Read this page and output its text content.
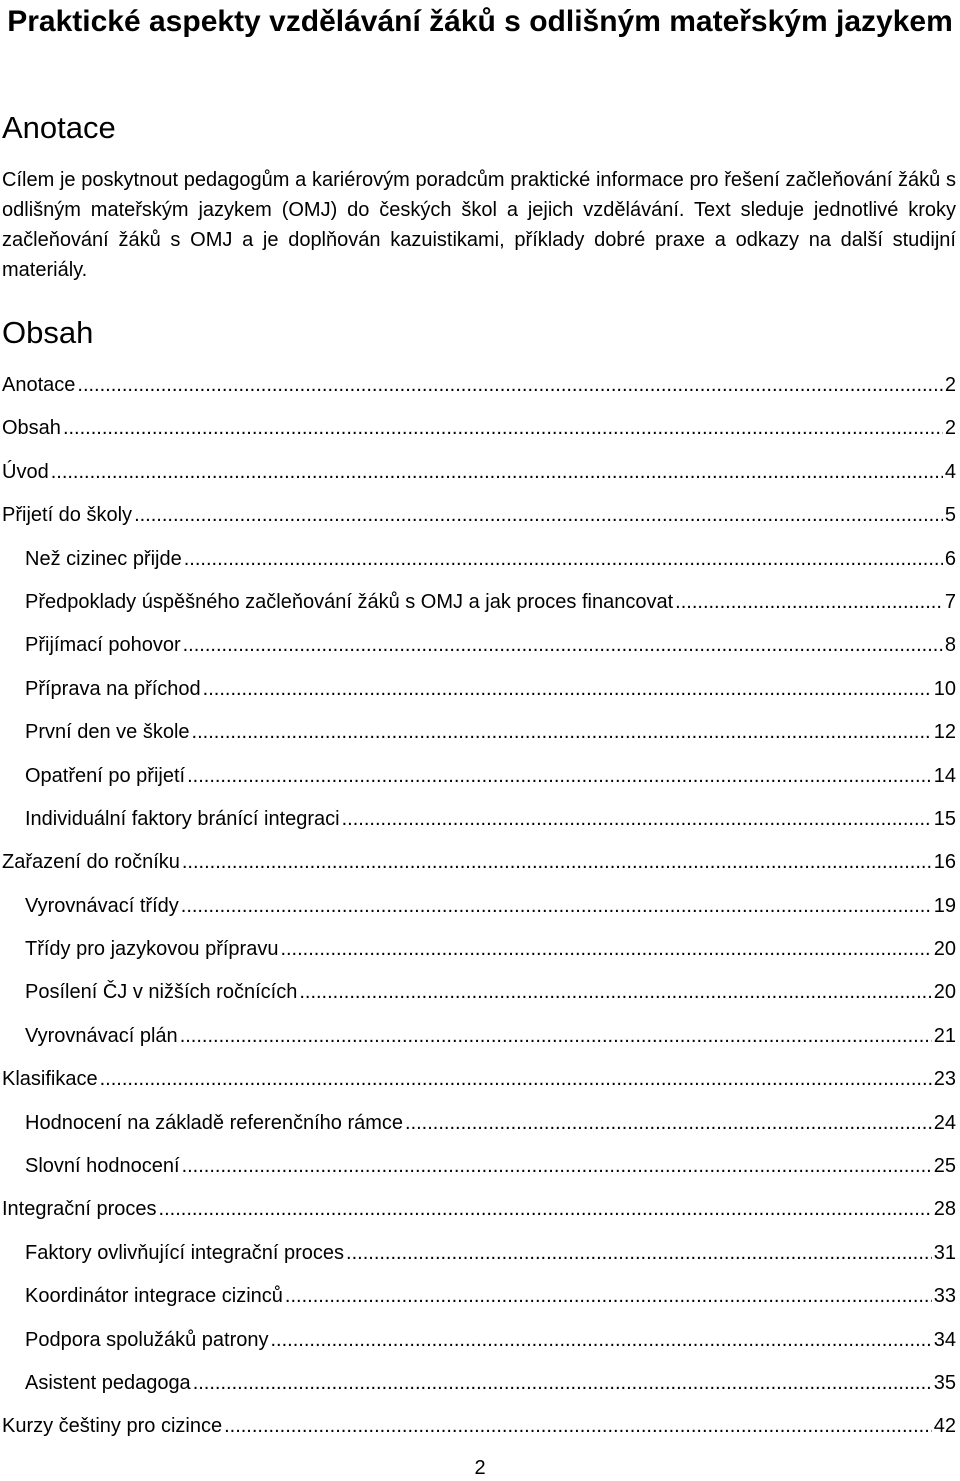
Praktické aspekty vzdělávání žáků s odlišným mateřským jazykem
Anotace

Cílem je poskytnout pedagogům a kariérovým poradcům praktické informace pro řešení začleňování žáků s odlišným mateřským jazykem (OMJ) do českých škol a jejich vzdělávání. Text sleduje jednotlivé kroky začleňování žáků s OMJ a je doplňován kazuistikami, příklady dobré praxe a odkazy na další studijní materiály.

Obsah
Anotace .....	2
Obsah .....	2
Úvod .....	4
Přijetí do školy .....	5
Než cizinec přijde .....	6
Předpoklady úspěšného začleňování žáků s OMJ a jak proces financovat .....	7
Přijímací pohovor .....	8
Příprava na příchod .....	10
První den ve škole .....	12
Opatření po přijetí .....	14
Individuální faktory bránící integraci .....	15
Zařazení do ročníku .....	16
Vyrovnávací třídy .....	19
Třídy pro jazykovou přípravu .....	20
Posílení ČJ v nižších ročnících .....	20
Vyrovnávací plán .....	21
Klasifikace .....	23
Hodnocení na základě referenčního rámce .....	24
Slovní hodnocení .....	25
Integrační proces .....	28
Faktory ovlivňující integrační proces .....	31
Koordinátor integrace cizinců .....	33
Podpora spolužáků patrony .....	34
Asistent pedagoga .....	35
Kurzy češtiny pro cizince .....	42
2
